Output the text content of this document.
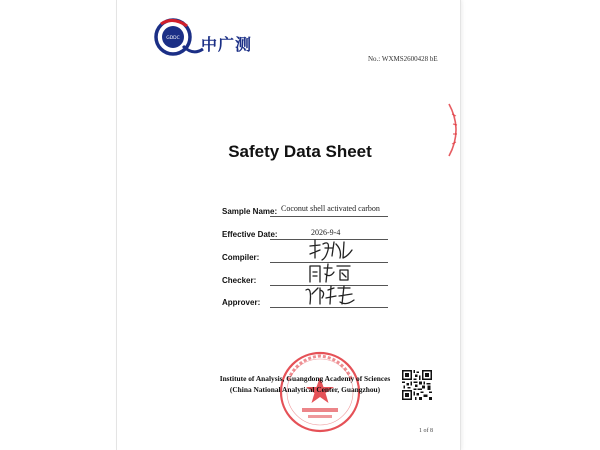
GDDC 中广测
No.: WXMS2600428 bE
Safety Data Sheet
Sample Name: Coconut shell activated carbon
Effective Date:	2026-9-4
Compiler:
Checker:
Approver:
Institute of Analysis, Guangdong Academy of Sciences
(China National Analytical Center, Guangzhou)
1 of 8
